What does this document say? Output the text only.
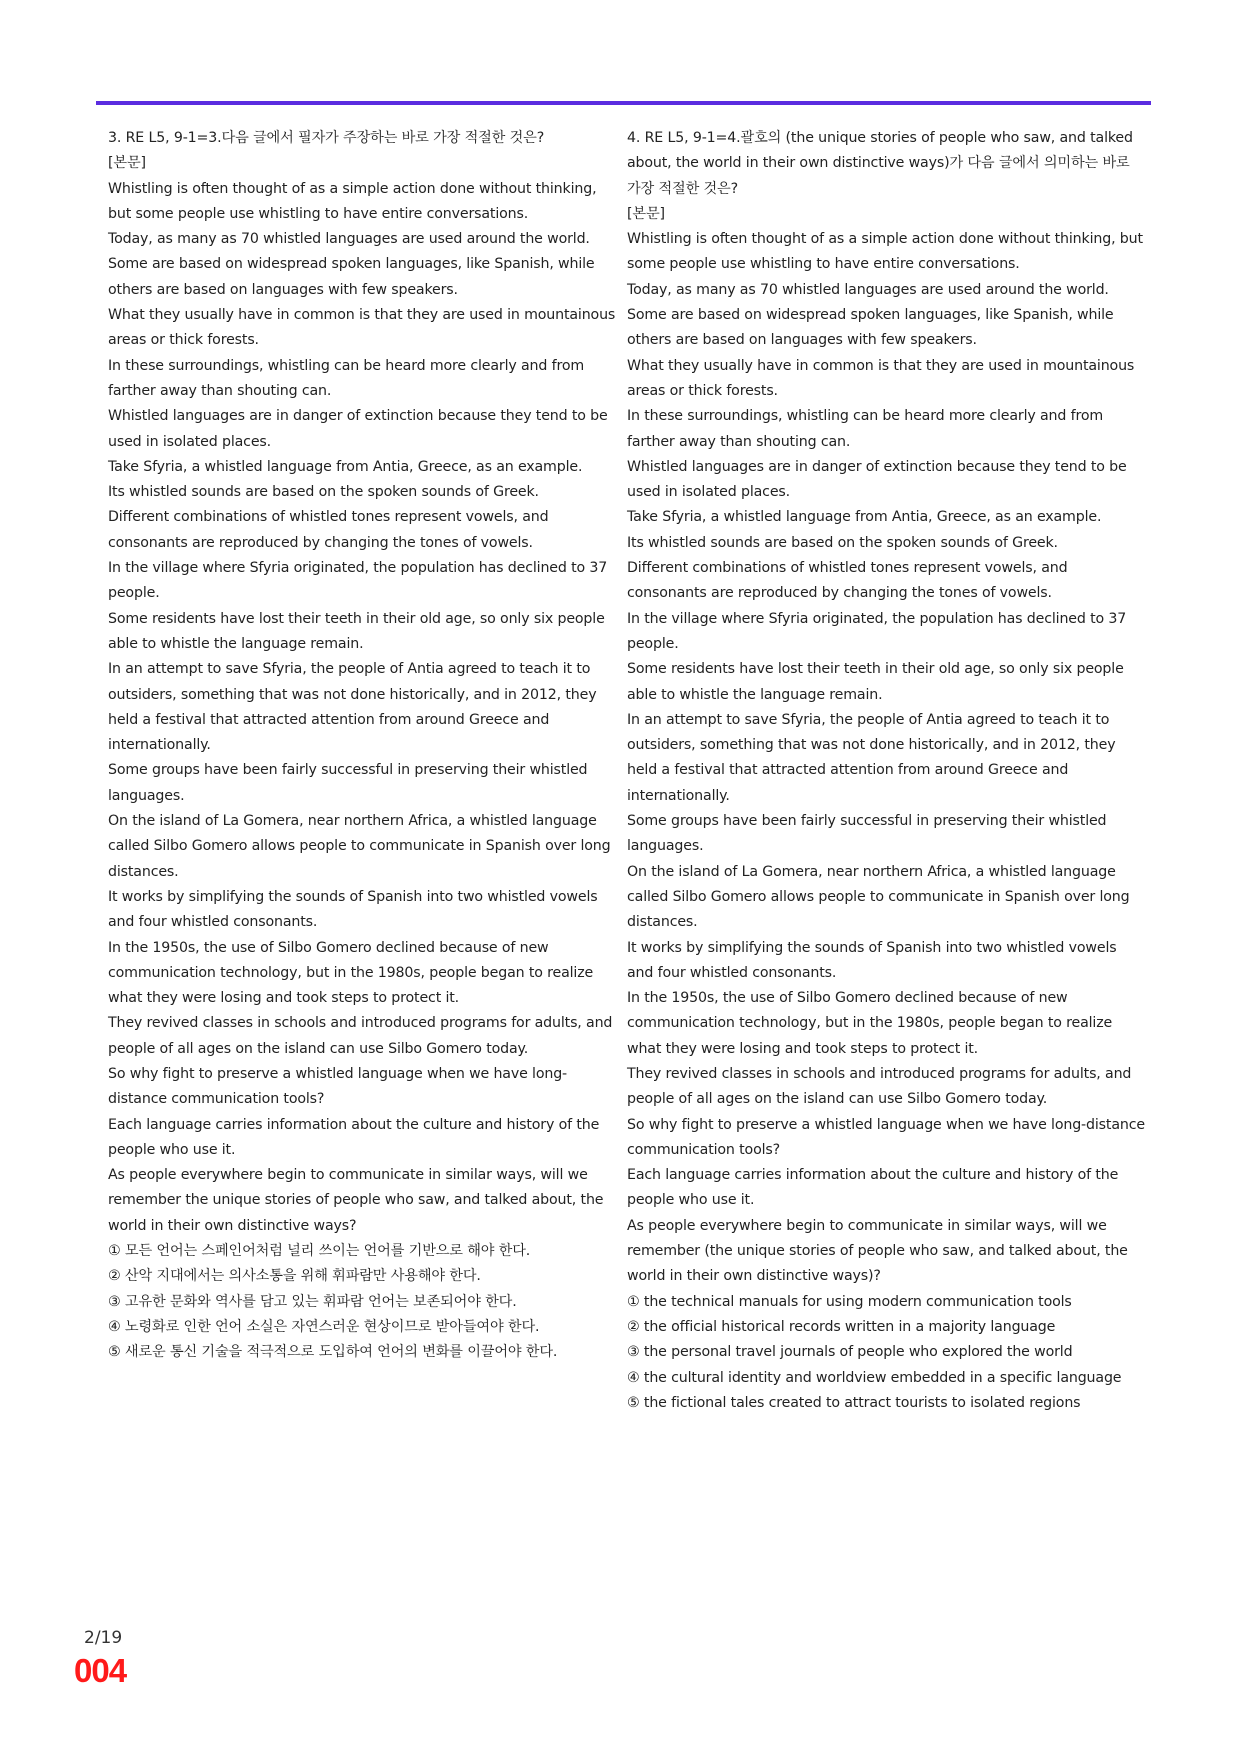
3. RE L5, 9-1=3.다음 글에서 필자가 주장하는 바로 가장 적절한 것은?

[본문]

Whistling is often thought of as a simple action done without thinking, but some people use whistling to have entire conversations.

Today, as many as 70 whistled languages are used around the world.

Some are based on widespread spoken languages, like Spanish, while others are based on languages with few speakers.

What they usually have in common is that they are used in mountainous areas or thick forests.

In these surroundings, whistling can be heard more clearly and from farther away than shouting can.

Whistled languages are in danger of extinction because they tend to be used in isolated places.

Take Sfyria, a whistled language from Antia, Greece, as an example.

Its whistled sounds are based on the spoken sounds of Greek.

Different combinations of whistled tones represent vowels, and consonants are reproduced by changing the tones of vowels.

In the village where Sfyria originated, the population has declined to 37 people.

Some residents have lost their teeth in their old age, so only six people able to whistle the language remain.

In an attempt to save Sfyria, the people of Antia agreed to teach it to outsiders, something that was not done historically, and in 2012, they held a festival that attracted attention from around Greece and internationally.

Some groups have been fairly successful in preserving their whistled languages.

On the island of La Gomera, near northern Africa, a whistled language called Silbo Gomero allows people to communicate in Spanish over long distances.

It works by simplifying the sounds of Spanish into two whistled vowels and four whistled consonants.

In the 1950s, the use of Silbo Gomero declined because of new communication technology, but in the 1980s, people began to realize what they were losing and took steps to protect it.

They revived classes in schools and introduced programs for adults, and people of all ages on the island can use Silbo Gomero today.

So why fight to preserve a whistled language when we have long-distance communication tools?

Each language carries information about the culture and history of the people who use it.

As people everywhere begin to communicate in similar ways, will we remember the unique stories of people who saw, and talked about, the world in their own distinctive ways?

① 모든 언어는 스페인어처럼 널리 쓰이는 언어를 기반으로 해야 한다.

② 산악 지대에서는 의사소통을 위해 휘파람만 사용해야 한다.

③ 고유한 문화와 역사를 담고 있는 휘파람 언어는 보존되어야 한다.

④ 노령화로 인한 언어 소실은 자연스러운 현상이므로 받아들여야 한다.

⑤ 새로운 통신 기술을 적극적으로 도입하여 언어의 변화를 이끌어야 한다.

4. RE L5, 9-1=4.괄호의 (the unique stories of people who saw, and talked about, the world in their own distinctive ways)가 다음 글에서 의미하는 바로 가장 적절한 것은?

[본문]

Whistling is often thought of as a simple action done without thinking, but some people use whistling to have entire conversations.

Today, as many as 70 whistled languages are used around the world.

Some are based on widespread spoken languages, like Spanish, while others are based on languages with few speakers.

What they usually have in common is that they are used in mountainous areas or thick forests.

In these surroundings, whistling can be heard more clearly and from farther away than shouting can.

Whistled languages are in danger of extinction because they tend to be used in isolated places.

Take Sfyria, a whistled language from Antia, Greece, as an example.

Its whistled sounds are based on the spoken sounds of Greek.

Different combinations of whistled tones represent vowels, and consonants are reproduced by changing the tones of vowels.

In the village where Sfyria originated, the population has declined to 37 people.

Some residents have lost their teeth in their old age, so only six people able to whistle the language remain.

In an attempt to save Sfyria, the people of Antia agreed to teach it to outsiders, something that was not done historically, and in 2012, they held a festival that attracted attention from around Greece and internationally.

Some groups have been fairly successful in preserving their whistled languages.

On the island of La Gomera, near northern Africa, a whistled language called Silbo Gomero allows people to communicate in Spanish over long distances.

It works by simplifying the sounds of Spanish into two whistled vowels and four whistled consonants.

In the 1950s, the use of Silbo Gomero declined because of new communication technology, but in the 1980s, people began to realize what they were losing and took steps to protect it.

They revived classes in schools and introduced programs for adults, and people of all ages on the island can use Silbo Gomero today.

So why fight to preserve a whistled language when we have long-distance communication tools?

Each language carries information about the culture and history of the people who use it.

As people everywhere begin to communicate in similar ways, will we remember (the unique stories of people who saw, and talked about, the world in their own distinctive ways)?

① the technical manuals for using modern communication tools

② the official historical records written in a majority language

③ the personal travel journals of people who explored the world

④ the cultural identity and worldview embedded in a specific language

⑤ the fictional tales created to attract tourists to isolated regions

2/19
004
